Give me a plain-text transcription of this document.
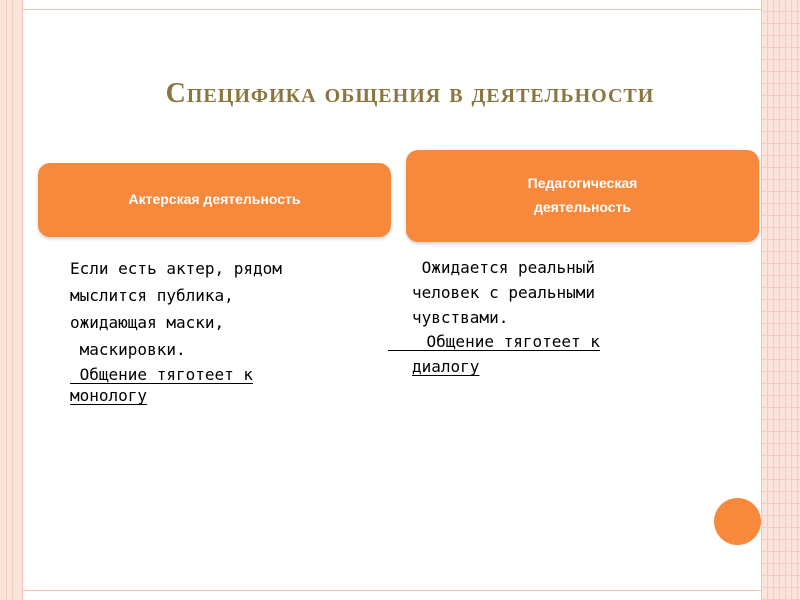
Специфика общения в деятельности
Актерская деятельность
Педагогическая деятельность

Если есть актер, рядом

мыслится публика,

ожидающая маски,

маскировки.

Общение тяготеет к

монологу

Ожидается реальный

человек с реальными

чувствами.

___ Общение тяготеет к

диалогу
